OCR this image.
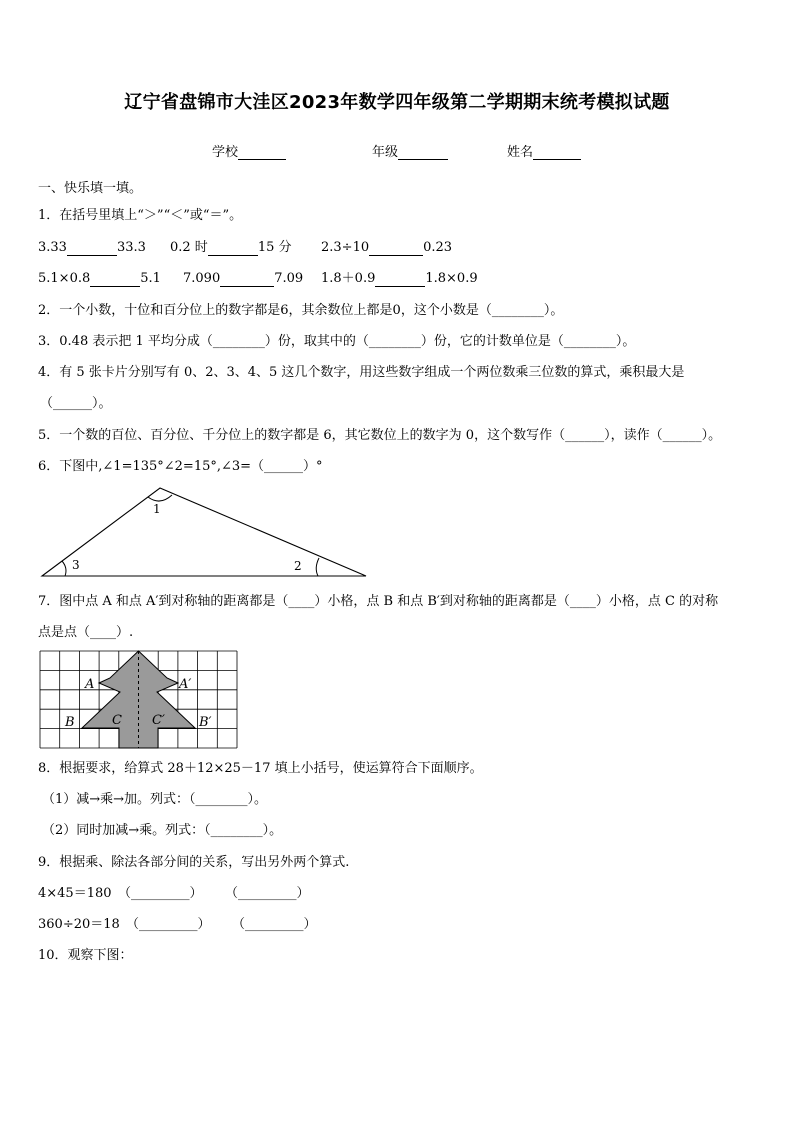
辽宁省盘锦市大洼区2023年数学四年级第二学期期末统考模拟试题
学校	年级	姓名
一、快乐填一填。
1．在括号里填上“＞”“＜”或“＝”。
3.33	33.3 0.2 时	15 分 2.3÷10	0.23
5.1×0.8	5.1 7.090	7.09 1.8＋0.9	1.8×0.9
2．一个小数，十位和百分位上的数字都是6，其余数位上都是0，这个小数是（________）。
3．0.48 表示把 1 平均分成（________）份，取其中的（________）份，它的计数单位是（________）。
4．有 5 张卡片分别写有 0、2、3、4、5 这几个数字，用这些数字组成一个两位数乘三位数的算式，乘积最大是
（______）。
5．一个数的百位、百分位、千分位上的数字都是 6，其它数位上的数字为 0，这个数写作（______），读作（______）。
6．下图中,∠1=135°∠2=15°,∠3=（______）°
1
2
3
7．图中点 A 和点 A′到对称轴的距离都是（____）小格，点 B 和点 B′到对称轴的距离都是（____）小格，点 C 的对称
点是点（____）.
A	A′
B	B′
C C′
8．根据要求，给算式 28＋12×25－17 填上小括号，使运算符合下面顺序。
（1）减→乘→加。列式：（________）。
（2）同时加减→乘。列式：（________）。
9．根据乘、除法各部分间的关系，写出另外两个算式.
4×45＝180 （_________） （_________）
360÷20＝18 （_________） （_________）
10．观察下图：
